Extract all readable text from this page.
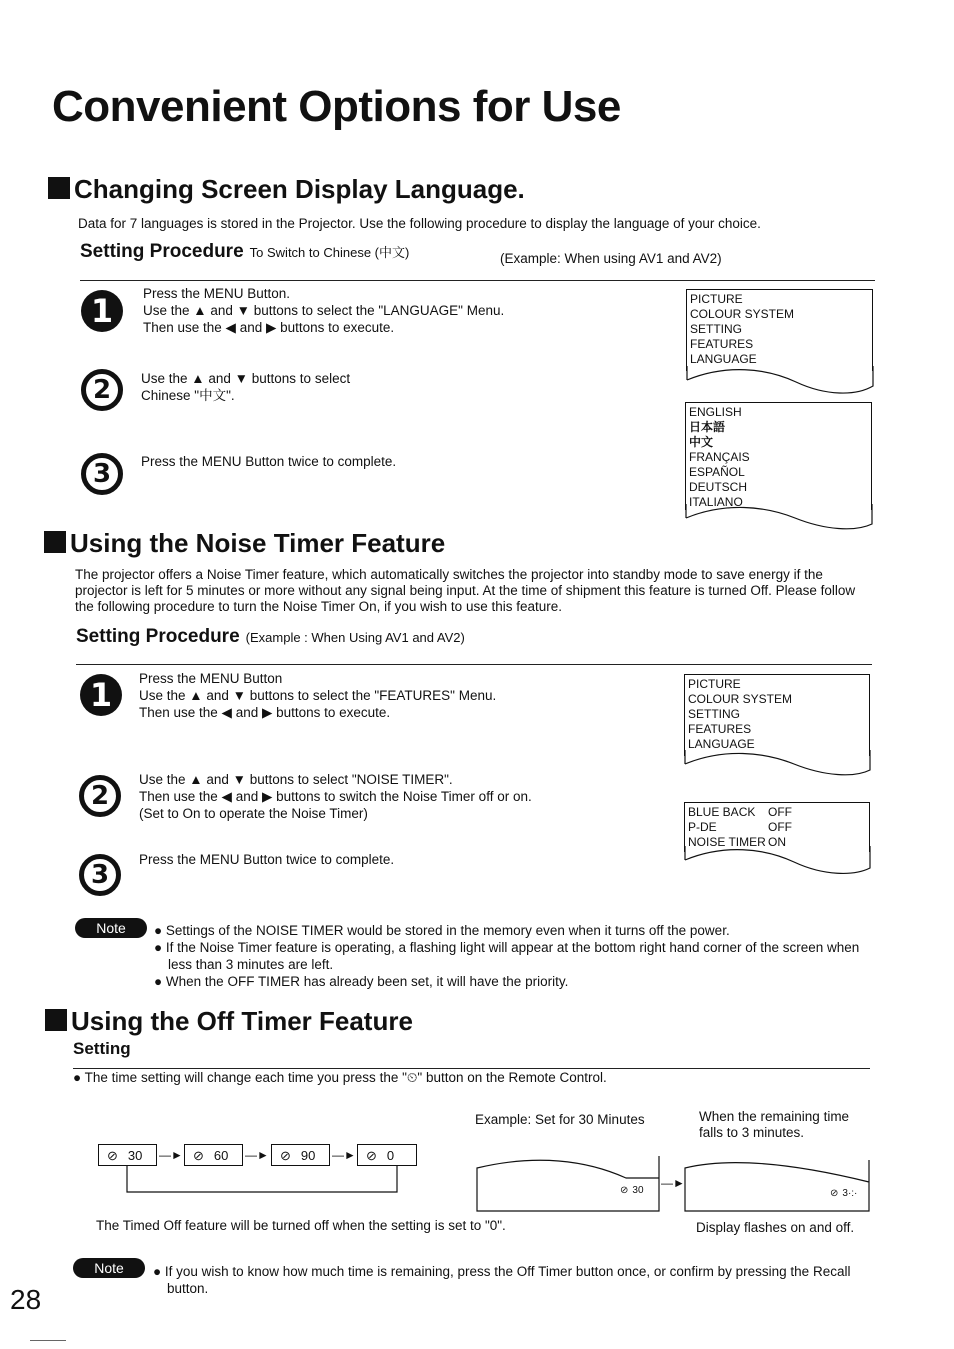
Convenient Options for Use
Changing Screen Display Language.
Data for 7 languages is stored in the Projector. Use the following procedure to display the language of your choice.
Setting Procedure To Switch to Chinese (中文)	(Example: When using AV1 and AV2)
1	Press the MENU Button.
Use the ▲ and ▼ buttons to select the "LANGUAGE" Menu.
Then use the ◀ and ▶ buttons to execute.
2	Use the ▲ and ▼ buttons to select
Chinese "中文".
3	Press the MENU Button twice to complete.
PICTURE
COLOUR SYSTEM
SETTING
FEATURES
LANGUAGE
ENGLISH
日本語
中文
FRANÇAIS
ESPAÑOL
DEUTSCH
ITALIANO
Using the Noise Timer Feature
The projector offers a Noise Timer feature, which automatically switches the projector into standby mode to save energy if the projector is left for 5 minutes or more without any signal being input. At the time of shipment this feature is turned Off. Please follow the following procedure to turn the Noise Timer On, if you wish to use this feature.
Setting Procedure (Example : When Using AV1 and AV2)
1	Press the MENU Button
Use the ▲ and ▼ buttons to select the "FEATURES" Menu.
Then use the ◀ and ▶ buttons to execute.
2
Use the ▲ and ▼ buttons to select "NOISE TIMER".
Then use the ◀ and ▶ buttons to switch the Noise Timer off or on.
(Set to On to operate the Noise Timer)
3
Press the MENU Button twice to complete.
PICTURE
COLOUR SYSTEM
SETTING
FEATURES
LANGUAGE
BLUE BACK OFF
P-DE	OFF
NOISE TIMER ON
Note	● Settings of the NOISE TIMER would be stored in the memory even when it turns off the power.
● If the Noise Timer feature is operating, a flashing light will appear at the bottom right hand corner of the screen when less than 3 minutes are left.
● When the OFF TIMER has already been set, it will have the priority.
Using the Off Timer Feature
Setting
● The time setting will change each time you press the "⏲" button on the Remote Control.
⊘ 30	—► ⊘ 60	—► ⊘ 90	—► ⊘ 0
The Timed Off feature will be turned off when the setting is set to "0".
Example: Set for 30 Minutes	When the remaining time falls to 3 minutes.
⊘ 30
—►
⊘ 3·:·
Display flashes on and off.
Note	● If you wish to know how much time is remaining, press the Off Timer button once, or confirm by pressing the Recall button.
28
